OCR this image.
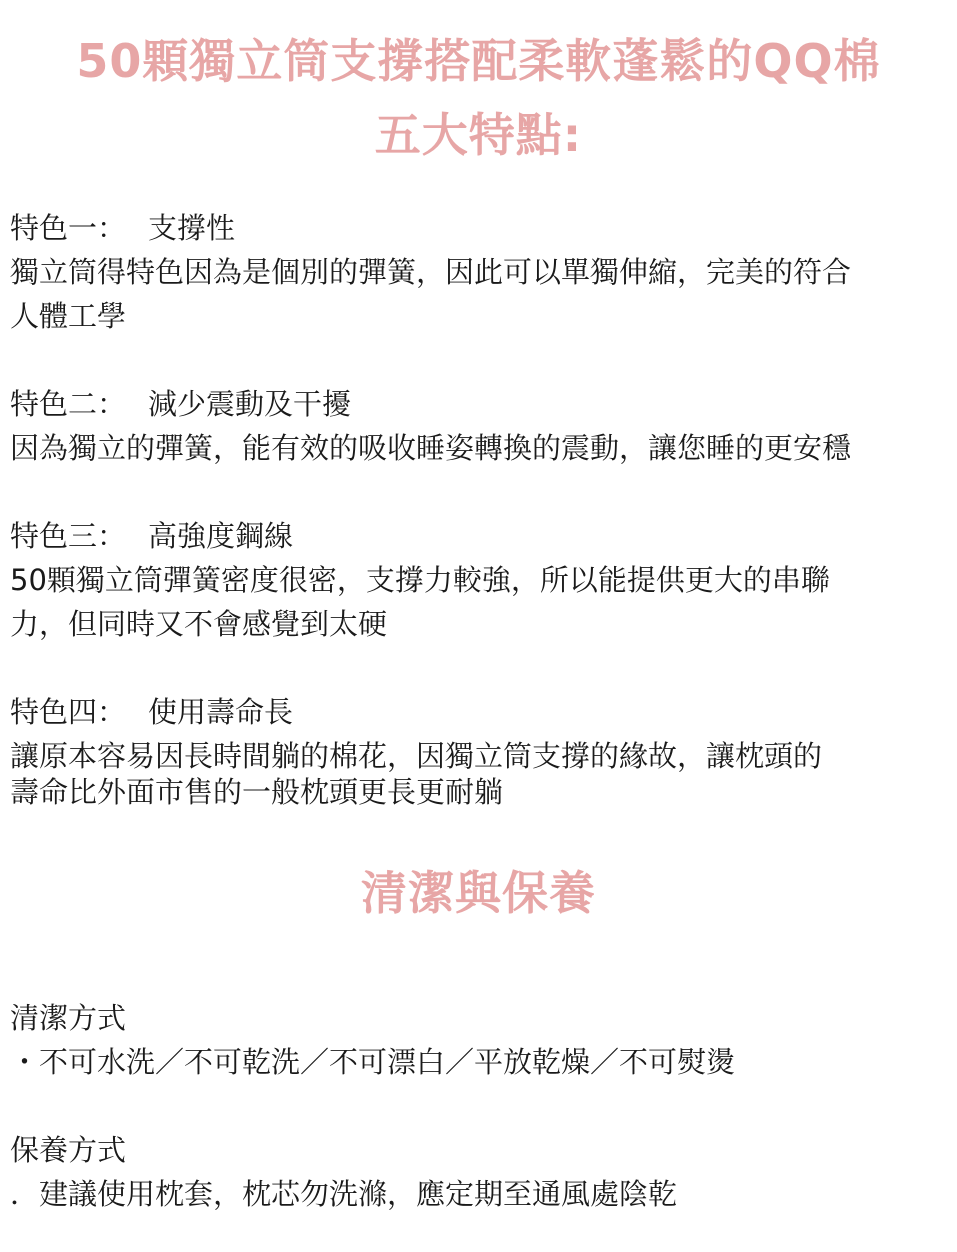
50顆獨立筒支撐搭配柔軟蓬鬆的QQ棉
五大特點:
特色一： 支撐性
獨立筒得特色因為是個別的彈簧，因此可以單獨伸縮，完美的符合
人體工學
特色二： 減少震動及干擾
因為獨立的彈簧，能有效的吸收睡姿轉換的震動，讓您睡的更安穩
特色三： 高強度鋼線
50顆獨立筒彈簧密度很密，支撐力較強，所以能提供更大的串聯
力，但同時又不會感覺到太硬
特色四： 使用壽命長
讓原本容易因長時間躺的棉花，因獨立筒支撐的緣故，讓枕頭的
壽命比外面市售的一般枕頭更長更耐躺
清潔與保養
清潔方式
・不可水洗／不可乾洗／不可漂白／平放乾燥／不可熨燙
保養方式
．建議使用枕套，枕芯勿洗滌，應定期至通風處陰乾
